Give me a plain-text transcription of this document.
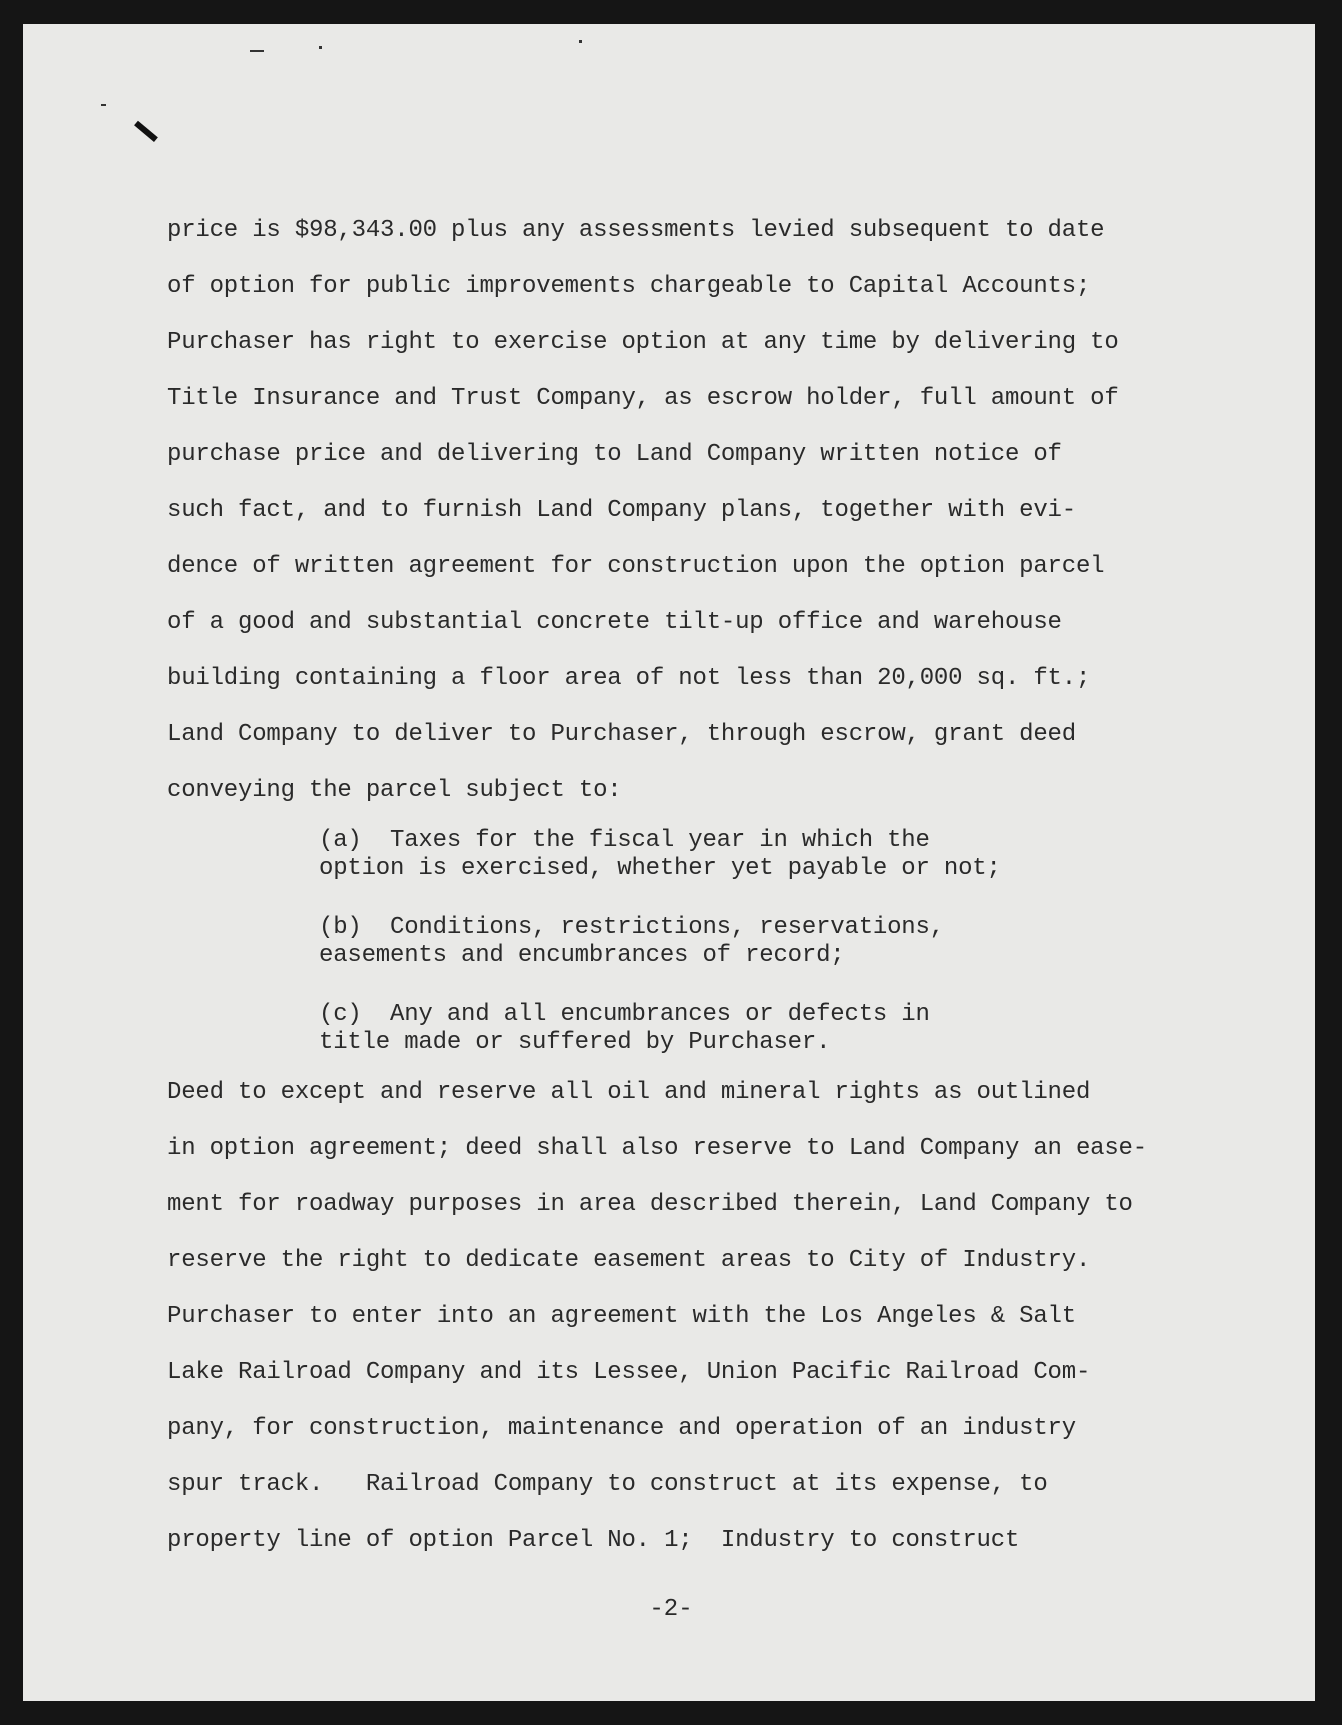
price is $98,343.00 plus any assessments levied subsequent to date
of option for public improvements chargeable to Capital Accounts;
Purchaser has right to exercise option at any time by delivering to
Title Insurance and Trust Company, as escrow holder, full amount of
purchase price and delivering to Land Company written notice of
such fact, and to furnish Land Company plans, together with evi-
dence of written agreement for construction upon the option parcel
of a good and substantial concrete tilt-up office and warehouse
building containing a floor area of not less than 20,000 sq. ft.;
Land Company to deliver to Purchaser, through escrow, grant deed
conveying the parcel subject to:
(a)  Taxes for the fiscal year in which the
option is exercised, whether yet payable or not;
(b)  Conditions, restrictions, reservations,
easements and encumbrances of record;
(c)  Any and all encumbrances or defects in
title made or suffered by Purchaser.
Deed to except and reserve all oil and mineral rights as outlined
in option agreement; deed shall also reserve to Land Company an ease-
ment for roadway purposes in area described therein, Land Company to
reserve the right to dedicate easement areas to City of Industry.
Purchaser to enter into an agreement with the Los Angeles & Salt
Lake Railroad Company and its Lessee, Union Pacific Railroad Com-
pany, for construction, maintenance and operation of an industry
spur track.   Railroad Company to construct at its expense, to
property line of option Parcel No. 1;  Industry to construct
-2-
